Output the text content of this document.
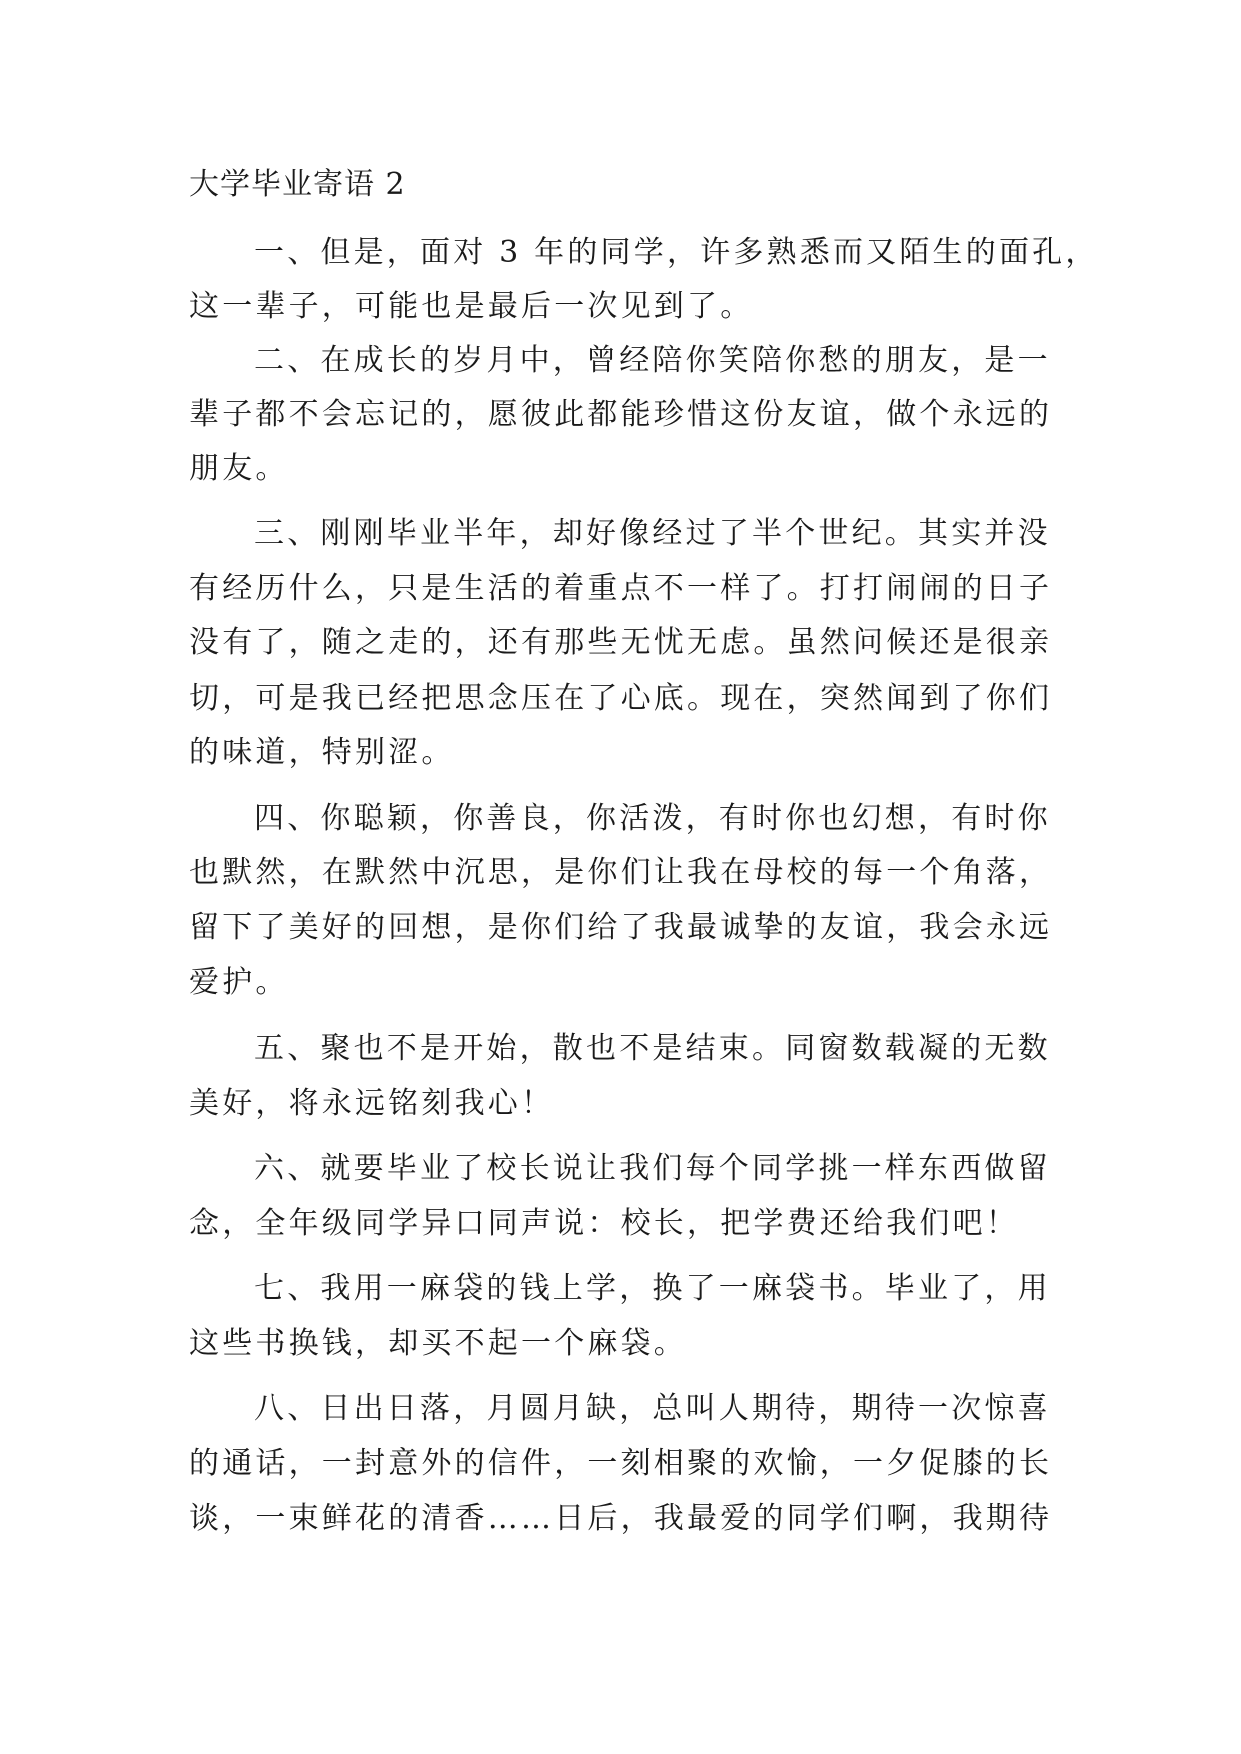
大学毕业寄语 2
一、但是，面对 3 年的同学，许多熟悉而又陌生的面孔，
这一辈子，可能也是最后一次见到了。
二、在成长的岁月中，曾经陪你笑陪你愁的朋友，是一
辈子都不会忘记的，愿彼此都能珍惜这份友谊，做个永远的
朋友。
三、刚刚毕业半年，却好像经过了半个世纪。其实并没
有经历什么，只是生活的着重点不一样了。打打闹闹的日子
没有了，随之走的，还有那些无忧无虑。虽然问候还是很亲
切，可是我已经把思念压在了心底。现在，突然闻到了你们
的味道，特别涩。
四、你聪颖，你善良，你活泼，有时你也幻想，有时你
也默然，在默然中沉思，是你们让我在母校的每一个角落，
留下了美好的回想，是你们给了我最诚挚的友谊，我会永远
爱护。
五、聚也不是开始，散也不是结束。同窗数载凝的无数
美好，将永远铭刻我心！
六、就要毕业了校长说让我们每个同学挑一样东西做留
念，全年级同学异口同声说：校长，把学费还给我们吧！
七、我用一麻袋的钱上学，换了一麻袋书。毕业了，用
这些书换钱，却买不起一个麻袋。
八、日出日落，月圆月缺，总叫人期待，期待一次惊喜
的通话，一封意外的信件，一刻相聚的欢愉，一夕促膝的长
谈，一束鲜花的清香……日后，我最爱的同学们啊，我期待
